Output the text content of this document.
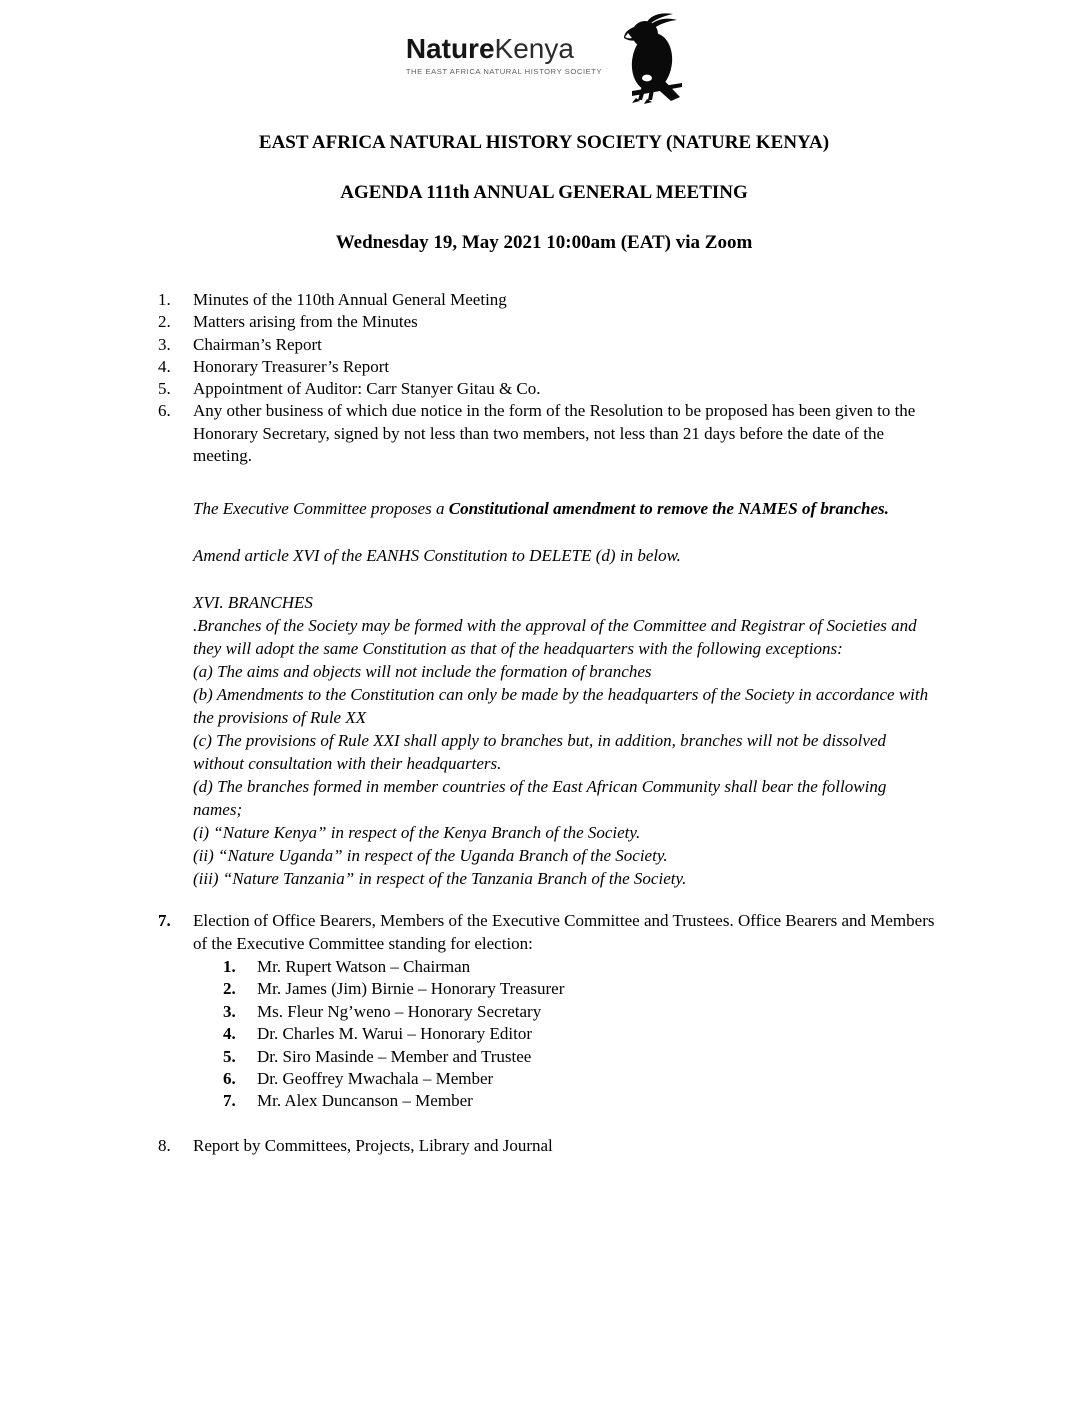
NatureKenya
THE EAST AFRICA NATURAL HISTORY SOCIETY
EAST AFRICA NATURAL HISTORY SOCIETY (NATURE KENYA)
AGENDA 111th ANNUAL GENERAL MEETING
Wednesday 19, May 2021 10:00am (EAT) via Zoom
1.	Minutes of the 110th Annual General Meeting
2.	Matters arising from the Minutes
3.	Chairman’s Report
4.	Honorary Treasurer’s Report
5.	Appointment of Auditor: Carr Stanyer Gitau & Co.
6.	Any other business of which due notice in the form of the Resolution to be proposed has been given to the Honorary Secretary, signed by not less than two members, not less than 21 days before the date of the meeting.
The Executive Committee proposes a Constitutional amendment to remove the NAMES of branches.
Amend article XVI of the EANHS Constitution to DELETE (d) in below.

XVI. BRANCHES

.Branches of the Society may be formed with the approval of the Committee and Registrar of Societies and they will adopt the same Constitution as that of the headquarters with the following exceptions:

(a) The aims and objects will not include the formation of branches

(b) Amendments to the Constitution can only be made by the headquarters of the Society in accordance with the provisions of Rule XX

(c) The provisions of Rule XXI shall apply to branches but, in addition, branches will not be dissolved without consultation with their headquarters.

(d) The branches formed in member countries of the East African Community shall bear the following names;

(i) “Nature Kenya” in respect of the Kenya Branch of the Society.

(ii) “Nature Uganda” in respect of the Uganda Branch of the Society.

(iii) “Nature Tanzania” in respect of the Tanzania Branch of the Society.

7.	Election of Office Bearers, Members of the Executive Committee and Trustees. Office Bearers and Members of the Executive Committee standing for election:
1.	Mr. Rupert Watson – Chairman
2.	Mr. James (Jim) Birnie – Honorary Treasurer
3.	Ms. Fleur Ng’weno – Honorary Secretary
4.	Dr. Charles M. Warui – Honorary Editor
5.	Dr. Siro Masinde – Member and Trustee
6.	Dr. Geoffrey Mwachala – Member
7.	Mr. Alex Duncanson – Member
8.	Report by Committees, Projects, Library and Journal
